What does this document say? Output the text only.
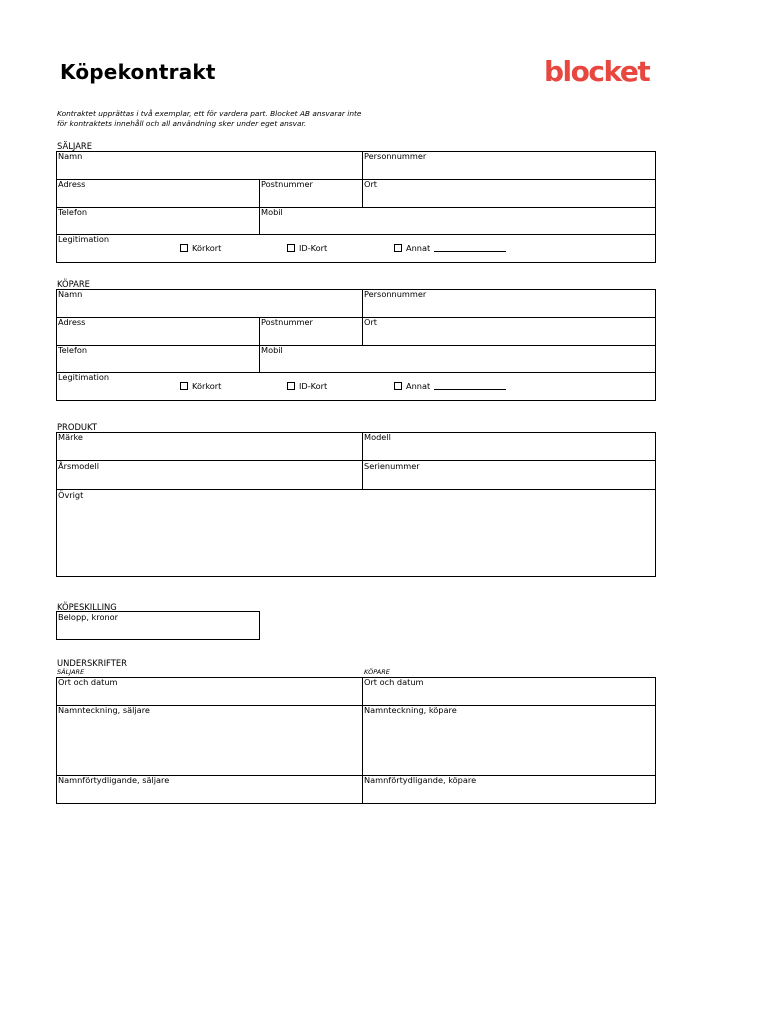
Köpekontrakt	blocket
Kontraktet upprättas i två exemplar, ett för vardera part. Blocket AB ansvarar inte
för kontraktets innehåll och all användning sker under eget ansvar.
SÄLJARE
Namn	Personnummer
Adress	Postnummer	Ort
Telefon	Mobil
Legitimation
Körkort	ID-Kort	Annat
KÖPARE
Namn	Personnummer
Adress	Postnummer	Ort
Telefon	Mobil
Legitimation
Körkort	ID-Kort	Annat
PRODUKT
Märke	Modell
Årsmodell	Serienummer
Övrigt
KÖPESKILLING
Belopp, kronor
UNDERSKRIFTER
SÄLJARE	KÖPARE
Ort och datum	Ort och datum
Namnteckning, säljare	Namnteckning, köpare
Namnförtydligande, säljare	Namnförtydligande, köpare
